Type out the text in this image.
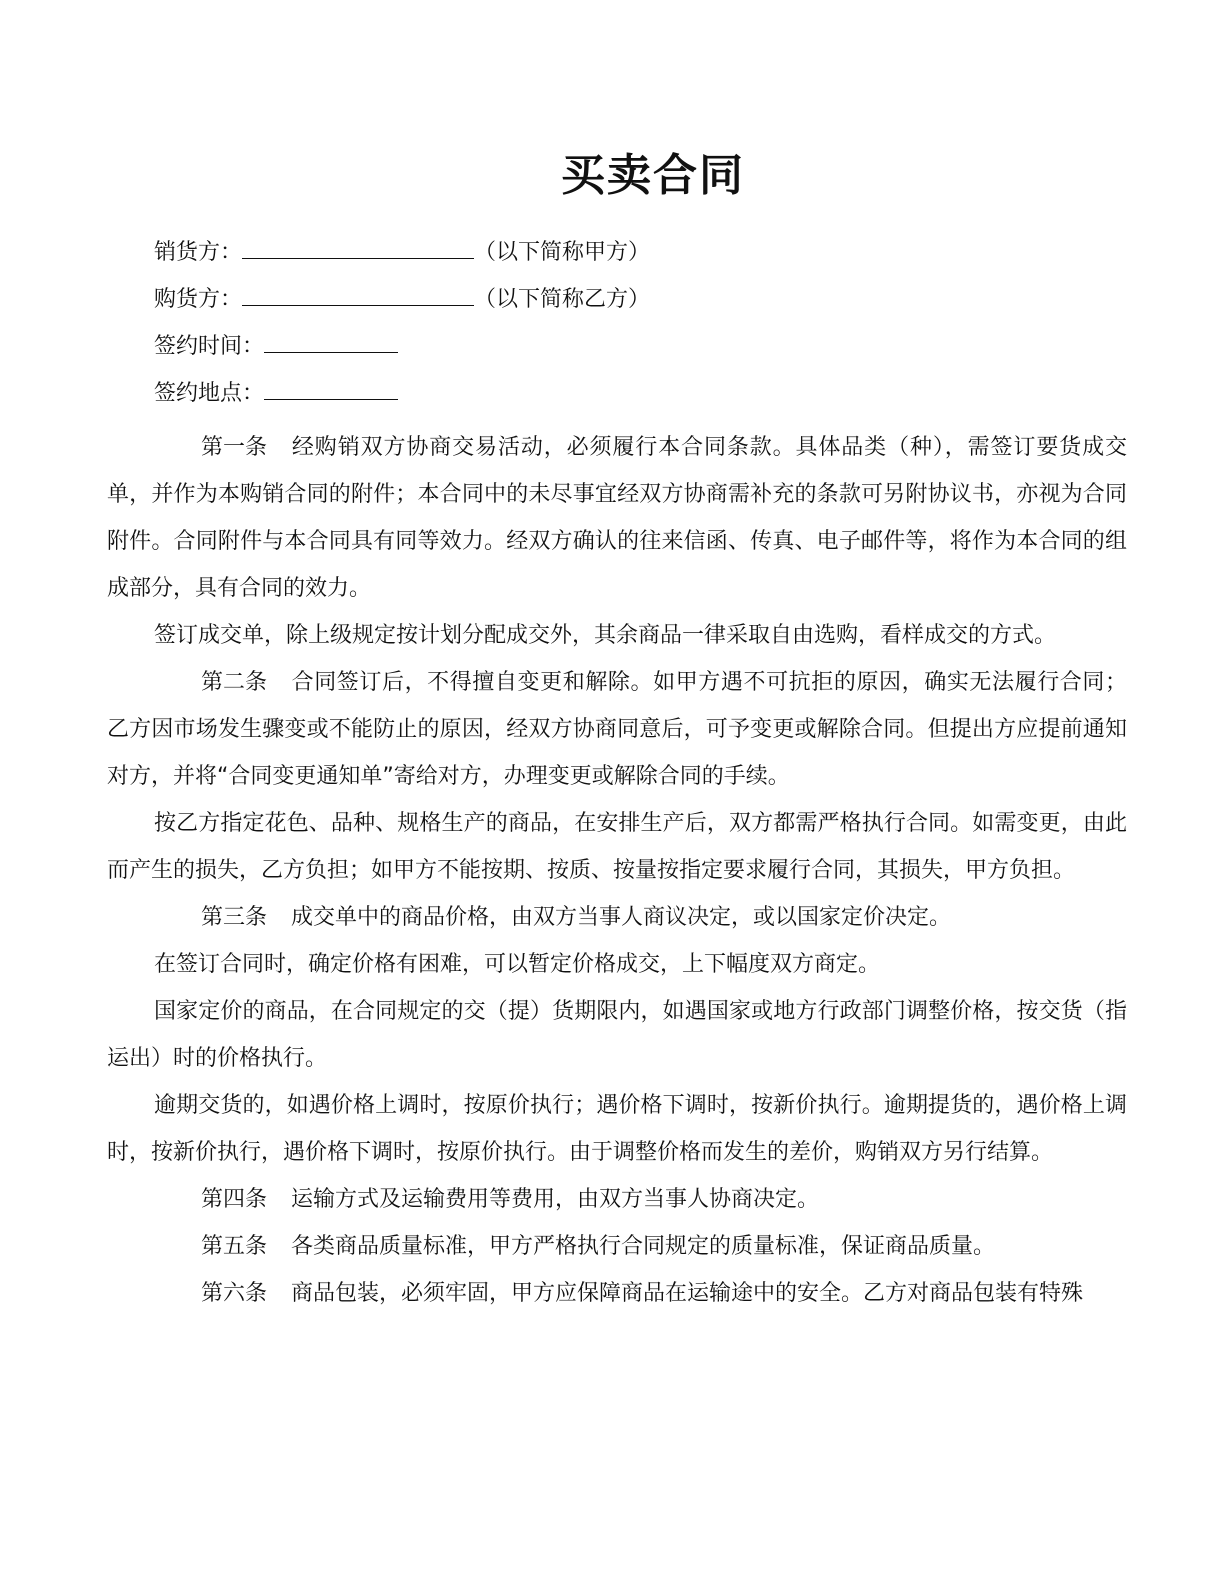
买卖合同
销货方：	（以下简称甲方）
购货方：	（以下简称乙方）
签约时间：
签约地点：

第一条 经购销双方协商交易活动，必须履行本合同条款。具体品类（种），需签订要货成交单，并作为本购销合同的附件；本合同中的未尽事宜经双方协商需补充的条款可另附协议书，亦视为合同附件。合同附件与本合同具有同等效力。经双方确认的往来信函、传真、电子邮件等，将作为本合同的组成部分，具有合同的效力。

签订成交单，除上级规定按计划分配成交外，其余商品一律采取自由选购，看样成交的方式。

第二条 合同签订后，不得擅自变更和解除。如甲方遇不可抗拒的原因，确实无法履行合同；乙方因市场发生骤变或不能防止的原因，经双方协商同意后，可予变更或解除合同。但提出方应提前通知对方，并将“合同变更通知单”寄给对方，办理变更或解除合同的手续。

按乙方指定花色、品种、规格生产的商品，在安排生产后，双方都需严格执行合同。如需变更，由此而产生的损失，乙方负担；如甲方不能按期、按质、按量按指定要求履行合同，其损失，甲方负担。

第三条 成交单中的商品价格，由双方当事人商议决定，或以国家定价决定。

在签订合同时，确定价格有困难，可以暂定价格成交，上下幅度双方商定。

国家定价的商品，在合同规定的交（提）货期限内，如遇国家或地方行政部门调整价格，按交货（指运出）时的价格执行。

逾期交货的，如遇价格上调时，按原价执行；遇价格下调时，按新价执行。逾期提货的，遇价格上调时，按新价执行，遇价格下调时，按原价执行。由于调整价格而发生的差价，购销双方另行结算。

第四条 运输方式及运输费用等费用，由双方当事人协商决定。

第五条 各类商品质量标准，甲方严格执行合同规定的质量标准，保证商品质量。

第六条 商品包装，必须牢固，甲方应保障商品在运输途中的安全。乙方对商品包装有特殊
